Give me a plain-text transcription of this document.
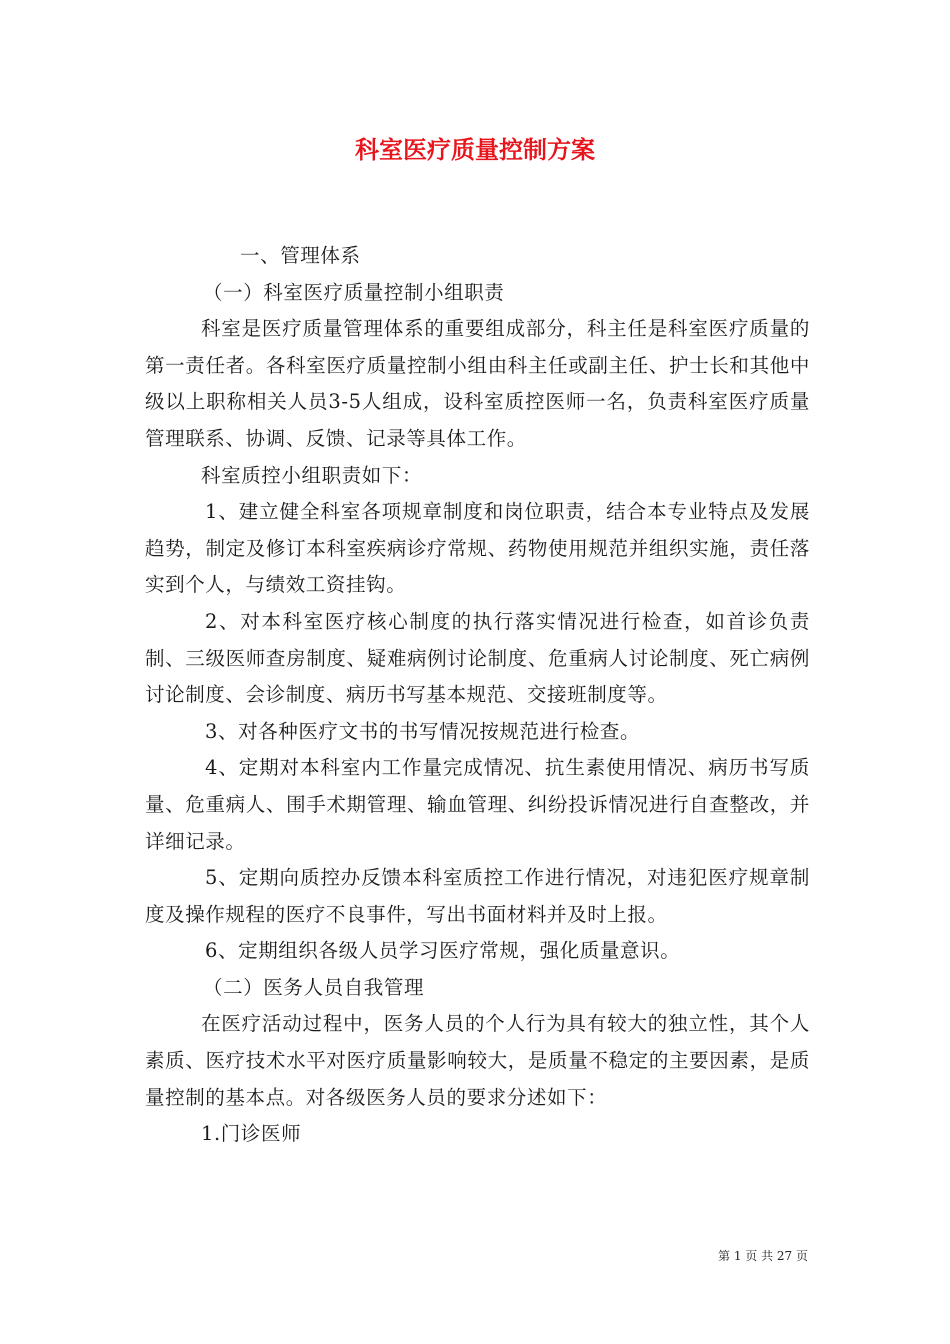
科室医疗质量控制方案

一、管理体系

（一）科室医疗质量控制小组职责

科室是医疗质量管理体系的重要组成部分，科主任是科室医疗质量的第一责任者。各科室医疗质量控制小组由科主任或副主任、护士长和其他中级以上职称相关人员3-5人组成，设科室质控医师一名，负责科室医疗质量管理联系、协调、反馈、记录等具体工作。

科室质控小组职责如下：

1、建立健全科室各项规章制度和岗位职责，结合本专业特点及发展趋势，制定及修订本科室疾病诊疗常规、药物使用规范并组织实施，责任落实到个人，与绩效工资挂钩。

2、对本科室医疗核心制度的执行落实情况进行检查，如首诊负责制、三级医师查房制度、疑难病例讨论制度、危重病人讨论制度、死亡病例讨论制度、会诊制度、病历书写基本规范、交接班制度等。

3、对各种医疗文书的书写情况按规范进行检查。

4、定期对本科室内工作量完成情况、抗生素使用情况、病历书写质量、危重病人、围手术期管理、输血管理、纠纷投诉情况进行自查整改，并详细记录。

5、定期向质控办反馈本科室质控工作进行情况，对违犯医疗规章制度及操作规程的医疗不良事件，写出书面材料并及时上报。

6、定期组织各级人员学习医疗常规，强化质量意识。

（二）医务人员自我管理

在医疗活动过程中，医务人员的个人行为具有较大的独立性，其个人素质、医疗技术水平对医疗质量影响较大，是质量不稳定的主要因素，是质量控制的基本点。对各级医务人员的要求分述如下：

1.门诊医师

第 1 页 共 27 页
